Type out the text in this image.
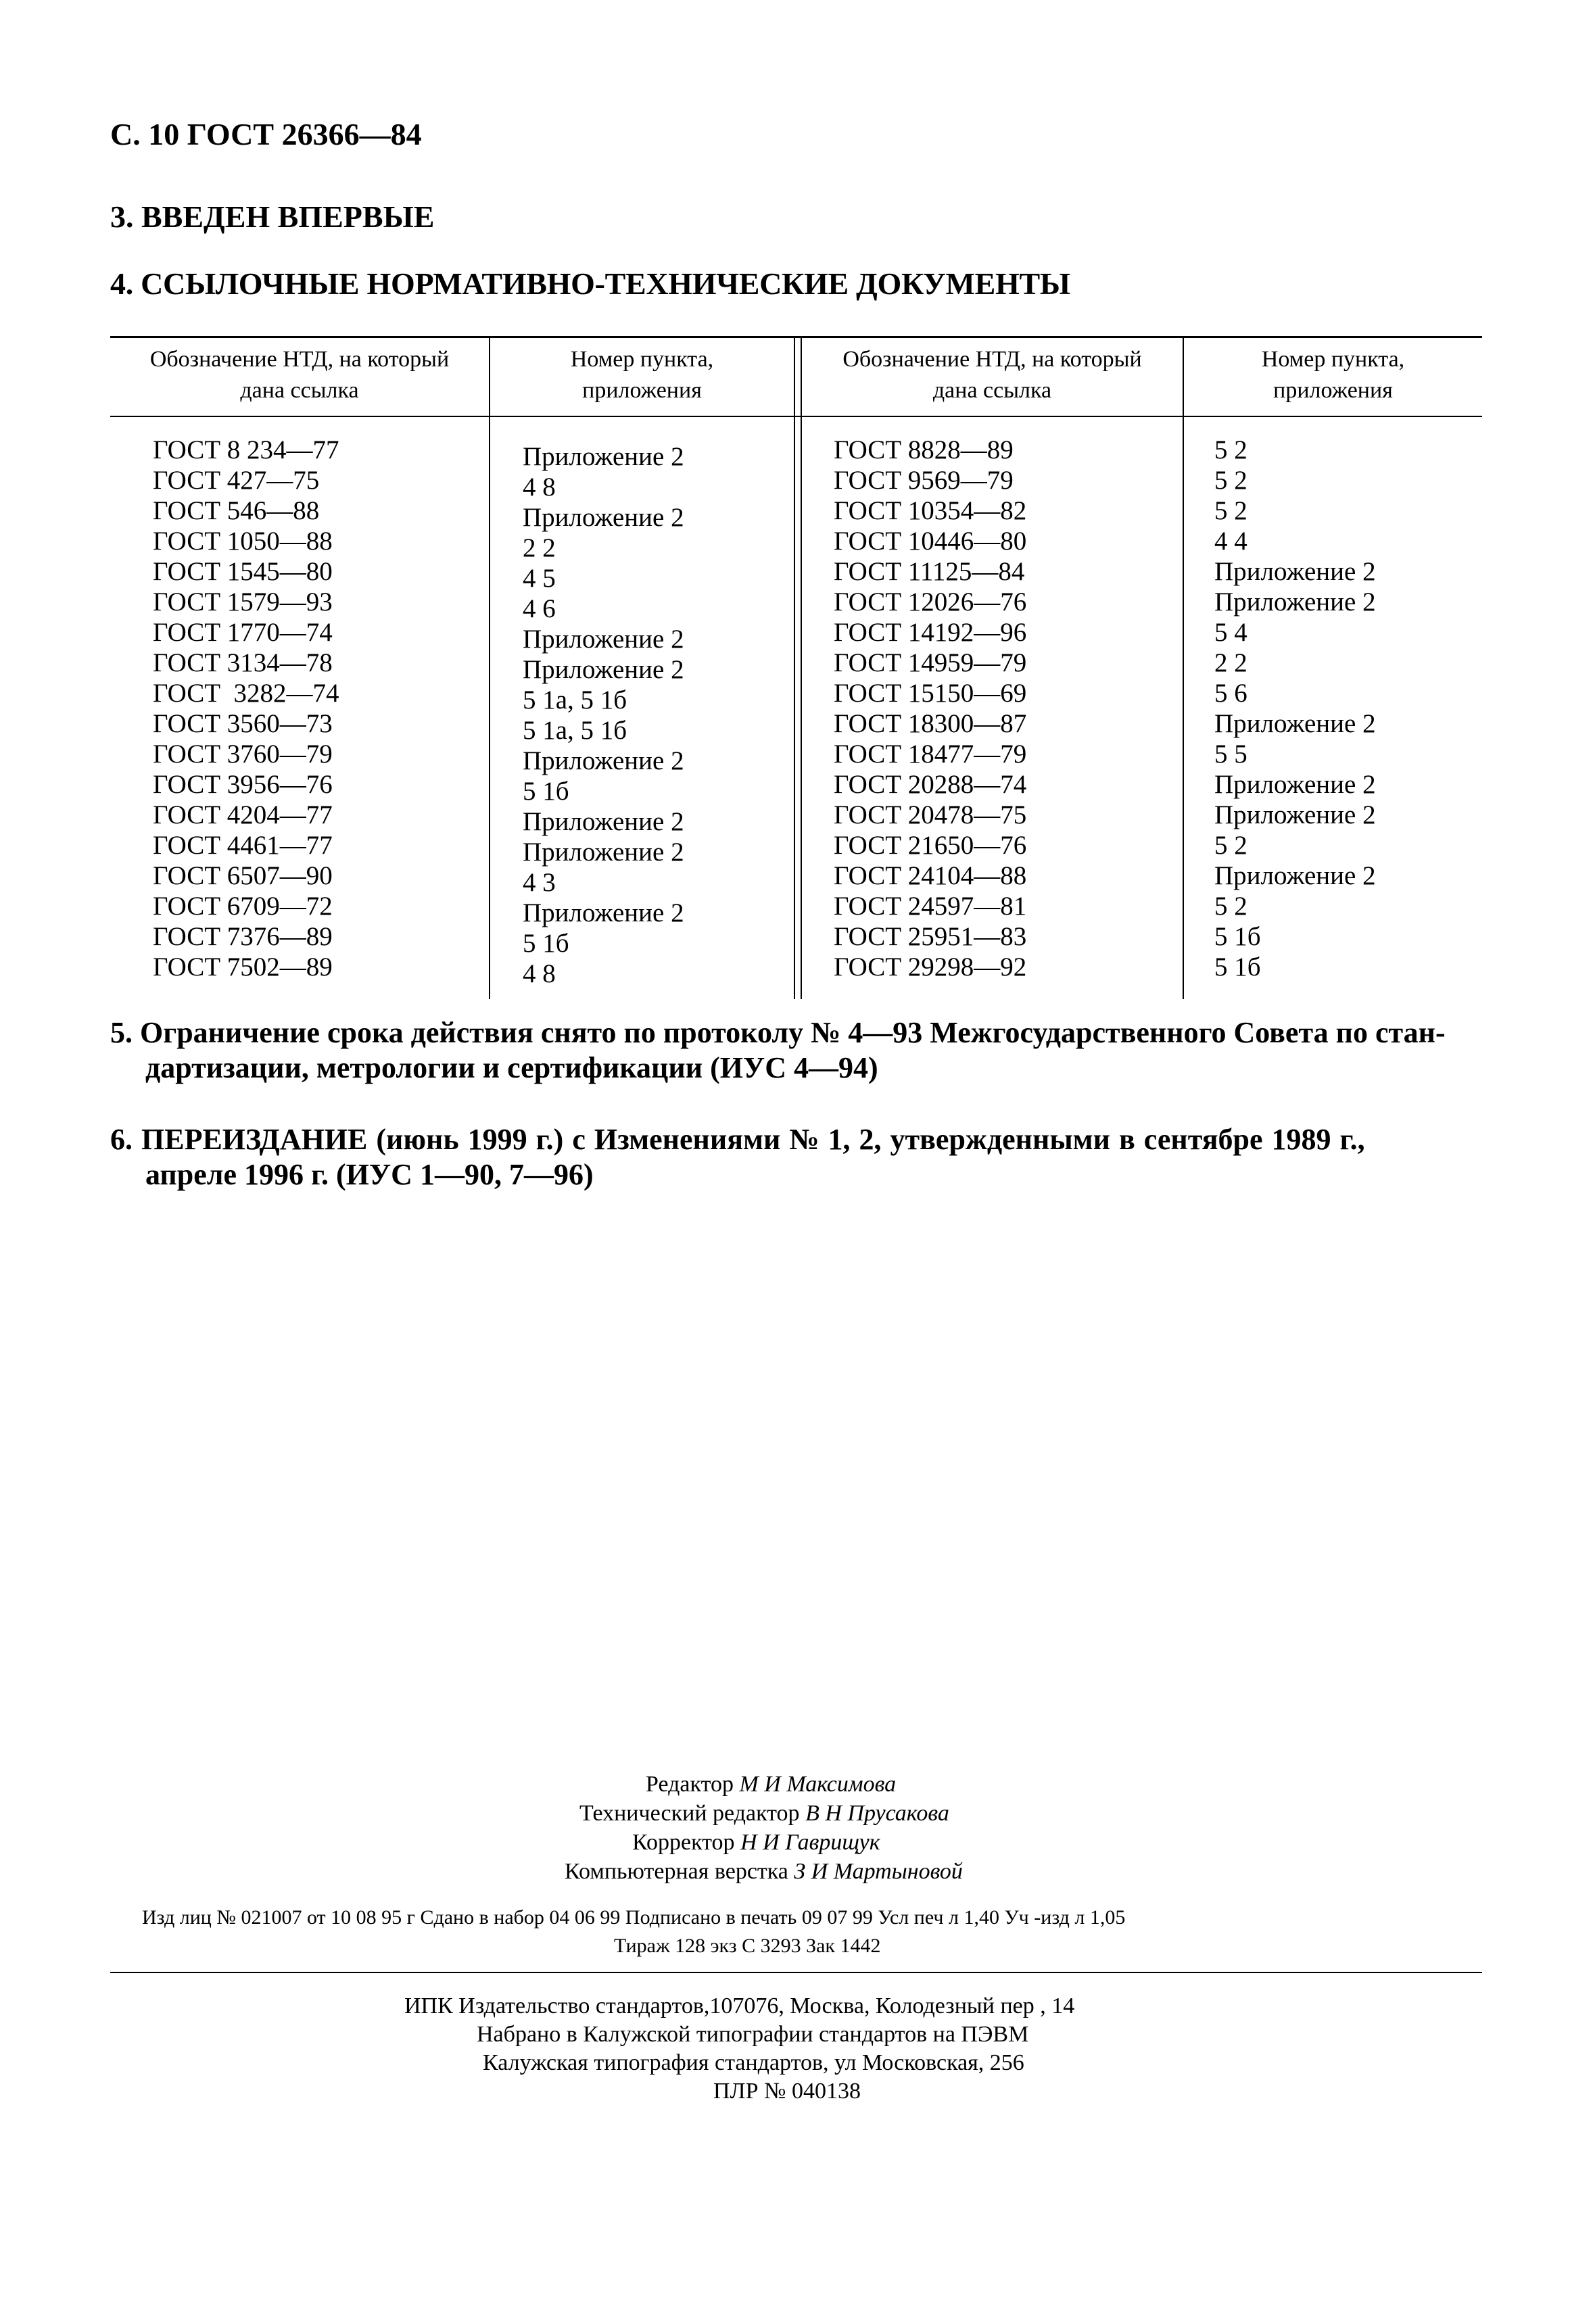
С. 10 ГОСТ 26366—84
3. ВВЕДЕН ВПЕРВЫЕ
4. ССЫЛОЧНЫЕ НОРМАТИВНО-ТЕХНИЧЕСКИЕ ДОКУМЕНТЫ
Обозначение НТД, на который
дана ссылка
Номер пункта,
приложения
Обозначение НТД, на который
дана ссылка
Номер пункта,
приложения
ГОСТ 8 234—77
ГОСТ 427—75
ГОСТ 546—88
ГОСТ 1050—88
ГОСТ 1545—80
ГОСТ 1579—93
ГОСТ 1770—74
ГОСТ 3134—78
ГОСТ  3282—74
ГОСТ 3560—73
ГОСТ 3760—79
ГОСТ 3956—76
ГОСТ 4204—77
ГОСТ 4461—77
ГОСТ 6507—90
ГОСТ 6709—72
ГОСТ 7376—89
ГОСТ 7502—89
Приложение 2
4 8
Приложение 2
2 2
4 5
4 6
Приложение 2
Приложение 2
5 1а, 5 1б
5 1а, 5 1б
Приложение 2
5 1б
Приложение 2
Приложение 2
4 3
Приложение 2
5 1б
4 8
ГОСТ 8828—89
ГОСТ 9569—79
ГОСТ 10354—82
ГОСТ 10446—80
ГОСТ 11125—84
ГОСТ 12026—76
ГОСТ 14192—96
ГОСТ 14959—79
ГОСТ 15150—69
ГОСТ 18300—87
ГОСТ 18477—79
ГОСТ 20288—74
ГОСТ 20478—75
ГОСТ 21650—76
ГОСТ 24104—88
ГОСТ 24597—81
ГОСТ 25951—83
ГОСТ 29298—92
5 2
5 2
5 2
4 4
Приложение 2
Приложение 2
5 4
2 2
5 6
Приложение 2
5 5
Приложение 2
Приложение 2
5 2
Приложение 2
5 2
5 1б
5 1б
5. Ограничение срока действия снято по протоколу № 4—93 Межгосударственного Совета по стан-
дартизации, метрологии и сертификации (ИУС 4—94)
6. ПЕРЕИЗДАНИЕ (июнь 1999 г.) с Изменениями № 1, 2, утвержденными в сентябре 1989 г.,
апреле 1996 г. (ИУС 1—90, 7—96)
Редактор М И Максимова
Технический редактор В Н Прусакова
Корректор Н И Гаврищук
Компьютерная верстка З И Мартыновой
Изд лиц № 021007 от 10 08 95 г Сдано в набор 04 06 99 Подписано в печать 09 07 99 Усл печ л 1,40 Уч -изд л 1,05
Тираж 128 экз С 3293 Зак 1442
ИПК Издательство стандартов,107076, Москва, Колодезный пер , 14
Набрано в Калужской типографии стандартов на ПЭВМ
Калужская типография стандартов, ул Московская, 256
ПЛР № 040138
